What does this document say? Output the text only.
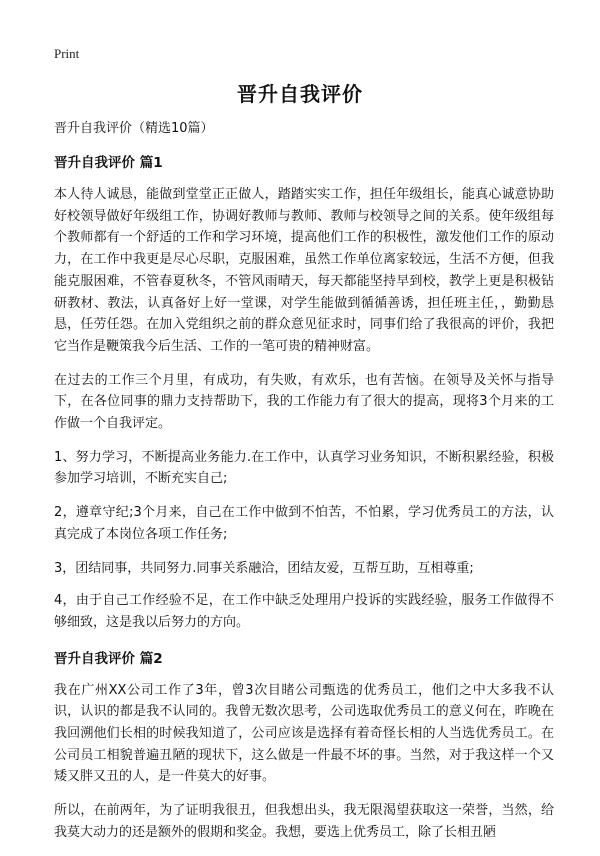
Print
晋升自我评价

晋升自我评价（精选10篇）

晋升自我评价 篇1

本人待人诚恳，能做到堂堂正正做人，踏踏实实工作，担任年级组长，能真心诚意协助好校领导做好年级组工作，协调好教师与教师、教师与校领导之间的关系。使年级组每个教师都有一个舒适的工作和学习环境，提高他们工作的积极性，激发他们工作的原动力，在工作中我更是尽心尽职，克服困难，虽然工作单位离家较远，生活不方便，但我能克服困难，不管春夏秋冬，不管风雨晴天，每天都能坚持早到校，教学上更是积极钻研教材、教法，认真备好上好一堂课，对学生能做到循循善诱，担任班主任，，勤勤恳恳，任劳任怨。在加入党组织之前的群众意见征求时，同事们给了我很高的评价，我把它当作是鞭策我今后生活、工作的一笔可贵的精神财富。

在过去的工作三个月里，有成功，有失败，有欢乐，也有苦恼。在领导及关怀与指导下，在各位同事的鼎力支持帮助下，我的工作能力有了很大的提高，现将3个月来的工作做一个自我评定。

1、努力学习，不断提高业务能力.在工作中，认真学习业务知识，不断积累经验，积极参加学习培训，不断充实自己;

2，遵章守纪;3个月来，自己在工作中做到不怕苦，不怕累，学习优秀员工的方法，认真完成了本岗位各项工作任务;

3，团结同事，共同努力.同事关系融洽，团结友爱，互帮互助，互相尊重;

4，由于自己工作经验不足，在工作中缺乏处理用户投诉的实践经验，服务工作做得不够细致，这是我以后努力的方向。

晋升自我评价 篇2

我在广州XX公司工作了3年，曾3次目睹公司甄选的优秀员工，他们之中大多我不认识，认识的都是我不认同的。我曾无数次思考，公司选取优秀员工的意义何在，昨晚在我回溯他们长相的时候我知道了，公司应该是选择有着奇怪长相的人当选优秀员工。在公司员工相貌普遍丑陋的现状下，这么做是一件最不坏的事。当然，对于我这样一个又矮又胖又丑的人，是一件莫大的好事。

所以，在前两年，为了证明我很丑，但我想出头，我无限渴望获取这一荣誉，当然，给我莫大动力的还是额外的假期和奖金。我想，要选上优秀员工，除了长相丑陋
